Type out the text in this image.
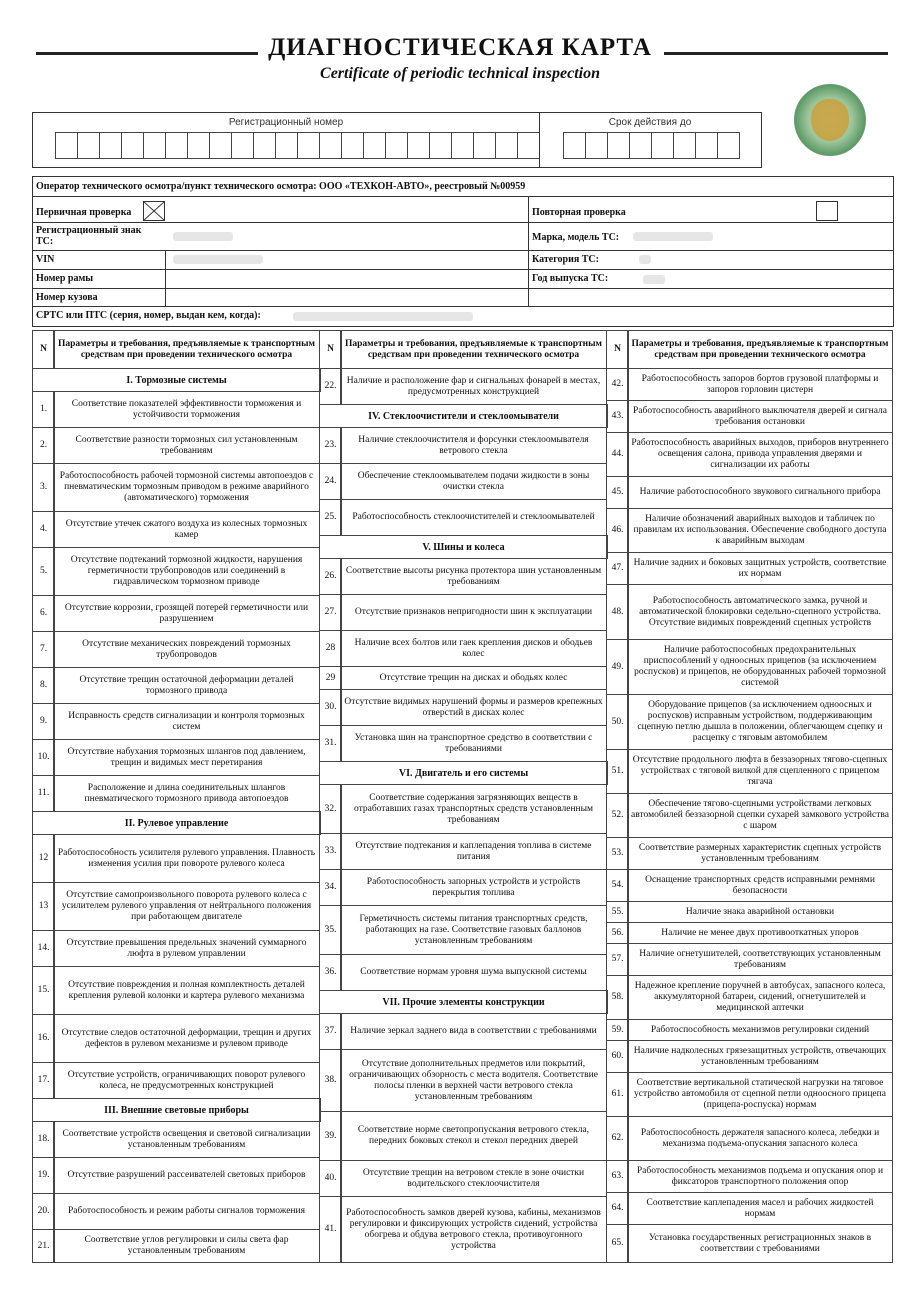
ДИАГНОСТИЧЕСКАЯ КАРТА
Certificate of periodic technical inspection
Регистрационный номер	Срок действия до
Оператор технического осмотра/пункт технического осмотра: ООО «ТЕХКОН-АВТО», реестровый №00959
Первичная проверка	Повторная проверка
Регистрационный знак ТС:	Марка, модель ТС:
VIN	Категория ТС:
Номер рамы	Год выпуска ТС:
Номер кузова
СРТС или ПТС (серия, номер, выдан кем, когда):
N
Параметры и требования, предъявляемые к транспортным средствам при проведении технического осмотра
I. Тормозные системы
1.
Соответствие показателей эффективности торможения и устойчивости торможения
2.
Соответствие разности тормозных сил установленным требованиям
3.
Работоспособность рабочей тормозной системы автопоездов с пневматическим тормозным приводом в режиме аварийного (автоматического) торможения
4.
Отсутствие утечек сжатого воздуха из колесных тормозных камер
5.
Отсутствие подтеканий тормозной жидкости, нарушения герметичности трубопроводов или соединений в гидравлическом тормозном приводе
6.
Отсутствие коррозии, грозящей потерей герметичности или разрушением
7.
Отсутствие механических повреждений тормозных трубопроводов
8.
Отсутствие трещин остаточной деформации деталей тормозного привода
9.
Исправность средств сигнализации и контроля тормозных систем
10.
Отсутствие набухания тормозных шлангов под давлением, трещин и видимых мест перетирания
11.
Расположение и длина соединительных шлангов пневматического тормозного привода автопоездов
II. Рулевое управление
12
Работоспособность усилителя рулевого управления. Плавность изменения усилия при повороте рулевого колеса
13
Отсутствие самопроизвольного поворота рулевого колеса с усилителем рулевого управления от нейтрального положения при работающем двигателе
14.
Отсутствие превышения предельных значений суммарного люфта в рулевом управлении
15.
Отсутствие повреждения и полная комплектность деталей крепления рулевой колонки и картера рулевого механизма
16.
Отсутствие следов остаточной деформации, трещин и других дефектов в рулевом механизме и рулевом приводе
17.
Отсутствие устройств, ограничивающих поворот рулевого колеса, не предусмотренных конструкцией
III. Внешние световые приборы
18.
Соответствие устройств освещения и световой сигнализации установленным требованиям
19.	Отсутствие разрушений рассеивателей световых приборов
20.	Работоспособность и режим работы сигналов торможения
21.
Соответствие углов регулировки и силы света фар установленным требованиям
N
Параметры и требования, предъявляемые к транспортным средствам при проведении технического осмотра
22.
Наличие и расположение фар и сигнальных фонарей в местах, предусмотренных конструкцией
IV. Стеклоочистители и стеклоомыватели
23.
Наличие стеклоочистителя и форсунки стеклоомывателя ветрового стекла
24.
Обеспечение стеклоомывателем подачи жидкости в зоны очистки стекла
25.	Работоспособность стеклоочистителей и стеклоомывателей
V. Шины и колеса
26.
Соответствие высоты рисунка протектора шин установленным требованиям
27.	Отсутствие признаков непригодности шин к эксплуатации
28
Наличие всех болтов или гаек крепления дисков и ободьев колес
29	Отсутствие трещин на дисках и ободьях колес
30.
Отсутствие видимых нарушений формы и размеров крепежных отверстий в дисках колес
31.
Установка шин на транспортное средство в соответствии с требованиями
VI. Двигатель и его системы
32.
Соответствие содержания загрязняющих веществ в отработавших газах транспортных средств установленным требованиям
33.
Отсутствие подтекания и каплепадения топлива в системе питания
34.
Работоспособность запорных устройств и устройств перекрытия топлива
35.
Герметичность системы питания транспортных средств, работающих на газе. Соответствие газовых баллонов установленным требованиям
36.	Соответствие нормам уровня шума выпускной системы
VII. Прочие элементы конструкции
37.	Наличие зеркал заднего вида в соответствии с требованиями
38.
Отсутствие дополнительных предметов или покрытий, ограничивающих обзорность с места водителя. Соответствие полосы пленки в верхней части ветрового стекла установленным требованиям
39.
Соответствие норме светопропускания ветрового стекла, передних боковых стекол и стекол передних дверей
40.
Отсутствие трещин на ветровом стекле в зоне очистки водительского стеклоочистителя
41.
Работоспособность замков дверей кузова, кабины, механизмов регулировки и фиксирующих устройств сидений, устройства обогрева и обдува ветрового стекла, противоугонного устройства
N
Параметры и требования, предъявляемые к транспортным средствам при проведении технического осмотра
42.
Работоспособность запоров бортов грузовой платформы и запоров горловин цистерн
43.
Работоспособность аварийного выключателя дверей и сигнала требования остановки
44.
Работоспособность аварийных выходов, приборов внутреннего освещения салона, привода управления дверями и сигнализации их работы
45.	Наличие работоспособного звукового сигнального прибора
46.
Наличие обозначений аварийных выходов и табличек по правилам их использования. Обеспечение свободного доступа к аварийным выходам
47.
Наличие задних и боковых защитных устройств, соответствие их нормам
48.
Работоспособность автоматического замка, ручной и автоматической блокировки седельно-сцепного устройства. Отсутствие видимых повреждений сцепных устройств
49.
Наличие работоспособных предохранительных приспособлений у одноосных прицепов (за исключением роспусков) и прицепов, не оборудованных рабочей тормозной системой
50.
Оборудование прицепов (за исключением одноосных и роспусков) исправным устройством, поддерживающим сцепную петлю дышла в положении, облегчающем сцепку и расцепку с тяговым автомобилем
51.
Отсутствие продольного люфта в беззазорных тягово-сцепных устройствах с тяговой вилкой для сцепленного с прицепом тягача
52.
Обеспечение тягово-сцепными устройствами легковых автомобилей беззазорной сцепки сухарей замкового устройства с шаром
53.
Соответствие размерных характеристик сцепных устройств установленным требованиям
54.
Оснащение транспортных средств исправными ремнями безопасности
55.	Наличие знака аварийной остановки
56.	Наличие не менее двух противооткатных упоров
57.
Наличие огнетушителей, соответствующих установленным требованиям
58.
Надежное крепление поручней в автобусах, запасного колеса, аккумуляторной батареи, сидений, огнетушителей и медицинской аптечки
59.	Работоспособность механизмов регулировки сидений
60.
Наличие надколесных грязезащитных устройств, отвечающих установленным требованиям
61.
Соответствие вертикальной статической нагрузки на тяговое устройство автомобиля от сцепной петли одноосного прицепа (прицепа-роспуска) нормам
62.
Работоспособность держателя запасного колеса, лебедки и механизма подъема-опускания запасного колеса
63.
Работоспособность механизмов подъема и опускания опор и фиксаторов транспортного положения опор
64.
Соответствие каплепадения масел и рабочих жидкостей нормам
65.
Установка государственных регистрационных знаков в соответствии с требованиями
